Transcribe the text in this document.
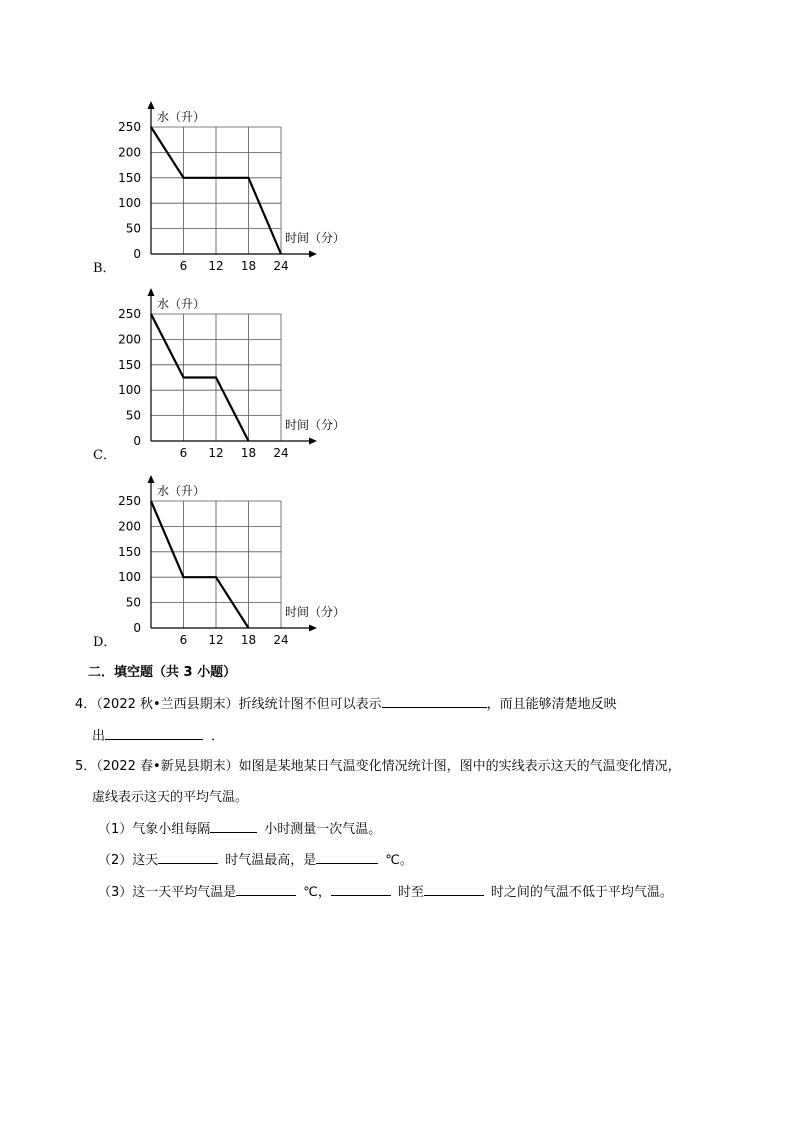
B．
0
50
100
150
200
250
6 12 18 24
水（升）
时间（分）
C．
0
50
100
150
200
250
6 12 18 24
水（升）
时间（分）
D．
0
50
100
150
200
250
6 12 18 24
水（升）
时间（分）
二．填空题（共 3 小题）
4．（2022 秋•兰西县期末）折线统计图不但可以表示	，而且能够清楚地反映
出	．
5．（2022 春•新晃县期末）如图是某地某日气温变化情况统计图，图中的实线表示这天的气温变化情况，
虚线表示这天的平均气温。
（1）气象小组每隔	小时测量一次气温。
（2）这天	时气温最高，是	℃。
（3）这一天平均气温是	℃，	时至	时之间的气温不低于平均气温。
